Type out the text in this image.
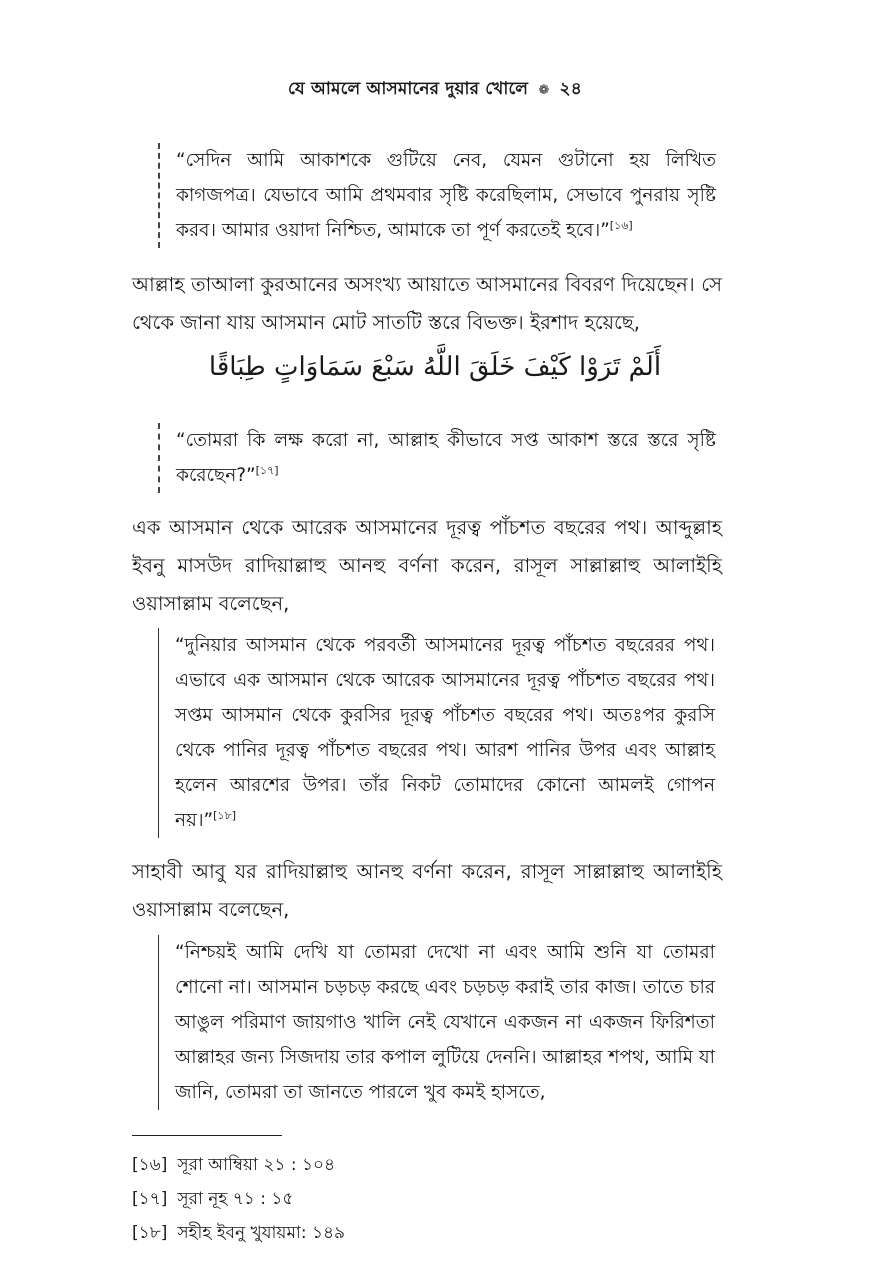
যে আমলে আসমানের দুয়ার খোলে ❁ ২৪
“সেদিন আমি আকাশকে গুটিয়ে নেব, যেমন গুটানো হয় লিখিত কাগজপত্র। যেভাবে আমি প্রথমবার সৃষ্টি করেছিলাম, সেভাবে পুনরায় সৃষ্টি করব। আমার ওয়াদা নিশ্চিত, আমাকে তা পূর্ণ করতেই হবে।”[১৬]
আল্লাহ তাআলা কুরআনের অসংখ্য আয়াতে আসমানের বিবরণ দিয়েছেন। সে থেকে জানা যায় আসমান মোট সাতটি স্তরে বিভক্ত। ইরশাদ হয়েছে,
أَلَمْ تَرَوْا كَيْفَ خَلَقَ اللَّهُ سَبْعَ سَمَاوَاتٍ طِبَاقًا
“তোমরা কি লক্ষ করো না, আল্লাহ কীভাবে সপ্ত আকাশ স্তরে স্তরে সৃষ্টি করেছেন?”[১৭]
এক আসমান থেকে আরেক আসমানের দূরত্ব পাঁচশত বছরের পথ। আব্দুল্লাহ ইবনু মাসউদ রাদিয়াল্লাহু আনহু বর্ণনা করেন, রাসূল সাল্লাল্লাহু আলাইহি ওয়াসাল্লাম বলেছেন,
“দুনিয়ার আসমান থেকে পরবর্তী আসমানের দূরত্ব পাঁচশত বছরেরর পথ। এভাবে এক আসমান থেকে আরেক আসমানের দূরত্ব পাঁচশত বছরের পথ। সপ্তম আসমান থেকে কুরসির দূরত্ব পাঁচশত বছরের পথ। অতঃপর কুরসি থেকে পানির দূরত্ব পাঁচশত বছরের পথ। আরশ পানির উপর এবং আল্লাহ হলেন আরশের উপর। তাঁর নিকট তোমাদের কোনো আমলই গোপন নয়।”[১৮]
সাহাবী আবু যর রাদিয়াল্লাহু আনহু বর্ণনা করেন, রাসূল সাল্লাল্লাহু আলাইহি ওয়াসাল্লাম বলেছেন,
“নিশ্চয়ই আমি দেখি যা তোমরা দেখো না এবং আমি শুনি যা তোমরা শোনো না। আসমান চড়চড় করছে এবং চড়চড় করাই তার কাজ। তাতে চার আঙুল পরিমাণ জায়গাও খালি নেই যেখানে একজন না একজন ফিরিশতা আল্লাহর জন্য সিজদায় তার কপাল লুটিয়ে দেননি। আল্লাহর শপথ, আমি যা জানি, তোমরা তা জানতে পারলে খুব কমই হাসতে,
[১৬] সূরা আম্বিয়া ২১ : ১০৪
[১৭] সূরা নূহ ৭১ : ১৫
[১৮] সহীহ ইবনু খুযায়মা: ১৪৯
